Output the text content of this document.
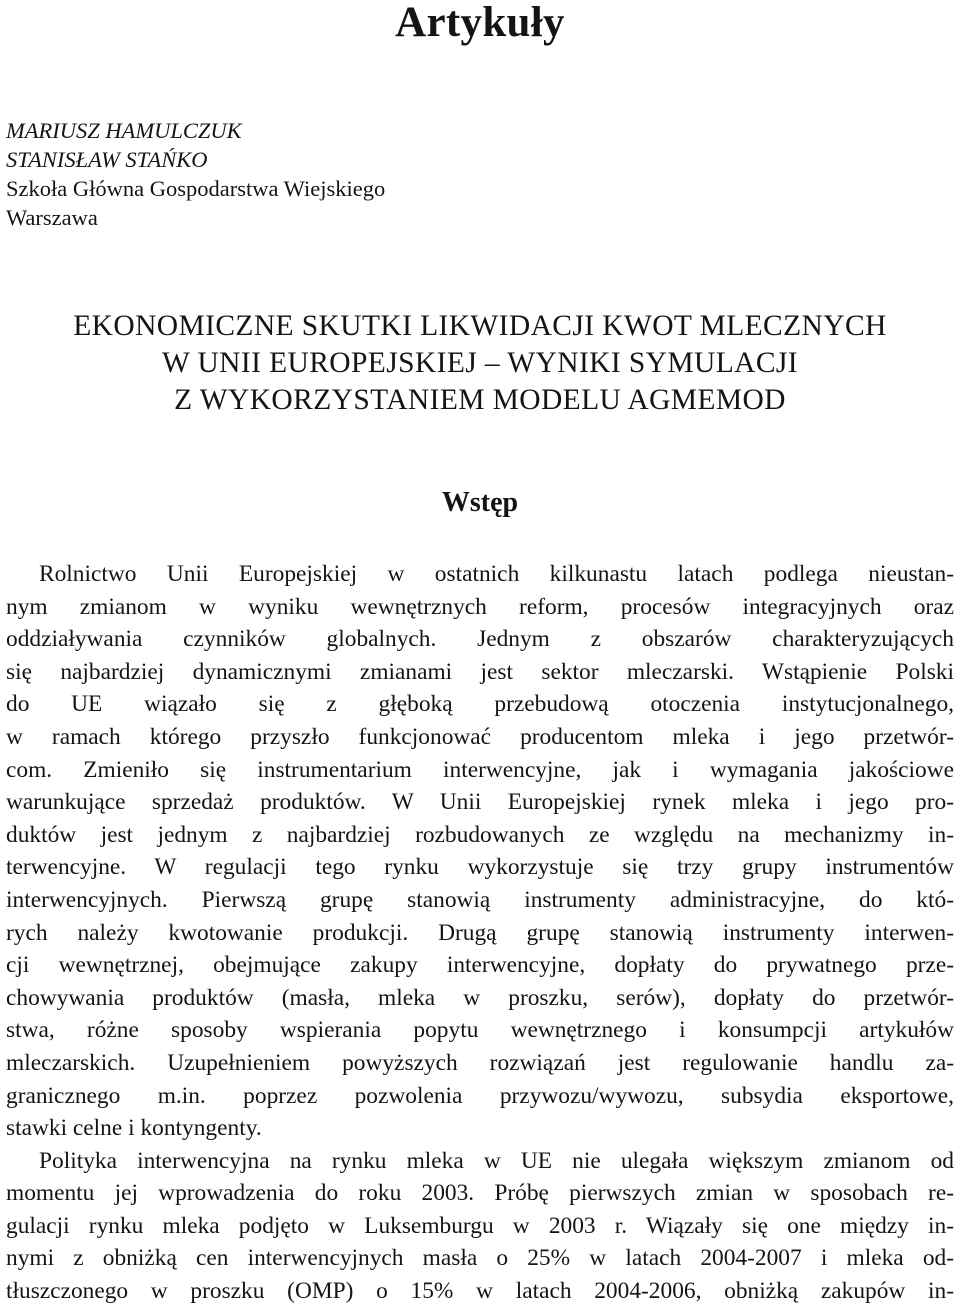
Artykuły
MARIUSZ HAMULCZUK
STANISŁAW STAŃKO
Szkoła Główna Gospodarstwa Wiejskiego
Warszawa
EKONOMICZNE SKUTKI LIKWIDACJI KWOT MLECZNYCH
W UNII EUROPEJSKIEJ – WYNIKI SYMULACJI
Z WYKORZYSTANIEM MODELU AGMEMOD
Wstęp
Rolnictwo Unii Europejskiej w ostatnich kilkunastu latach podlega nieustan-
nym zmianom w wyniku wewnętrznych reform, procesów integracyjnych oraz
oddziaływania czynników globalnych. Jednym z obszarów charakteryzujących
się najbardziej dynamicznymi zmianami jest sektor mleczarski. Wstąpienie Polski
do UE wiązało się z głęboką przebudową otoczenia instytucjonalnego,
w ramach którego przyszło funkcjonować producentom mleka i jego przetwór-
com. Zmieniło się instrumentarium interwencyjne, jak i wymagania jakościowe
warunkujące sprzedaż produktów. W Unii Europejskiej rynek mleka i jego pro-
duktów jest jednym z najbardziej rozbudowanych ze względu na mechanizmy in-
terwencyjne. W regulacji tego rynku wykorzystuje się trzy grupy instrumentów
interwencyjnych. Pierwszą grupę stanowią instrumenty administracyjne, do któ-
rych należy kwotowanie produkcji. Drugą grupę stanowią instrumenty interwen-
cji wewnętrznej, obejmujące zakupy interwencyjne, dopłaty do prywatnego prze-
chowywania produktów (masła, mleka w proszku, serów), dopłaty do przetwór-
stwa, różne sposoby wspierania popytu wewnętrznego i konsumpcji artykułów
mleczarskich. Uzupełnieniem powyższych rozwiązań jest regulowanie handlu za-
granicznego m.in. poprzez pozwolenia przywozu/wywozu, subsydia eksportowe,
stawki celne i kontyngenty.
Polityka interwencyjna na rynku mleka w UE nie ulegała większym zmianom od
momentu jej wprowadzenia do roku 2003. Próbę pierwszych zmian w sposobach re-
gulacji rynku mleka podjęto w Luksemburgu w 2003 r. Wiązały się one między in-
nymi z obniżką cen interwencyjnych masła o 25% w latach 2004-2007 i mleka od-
tłuszczonego w proszku (OMP) o 15% w latach 2004-2006, obniżką zakupów in-
